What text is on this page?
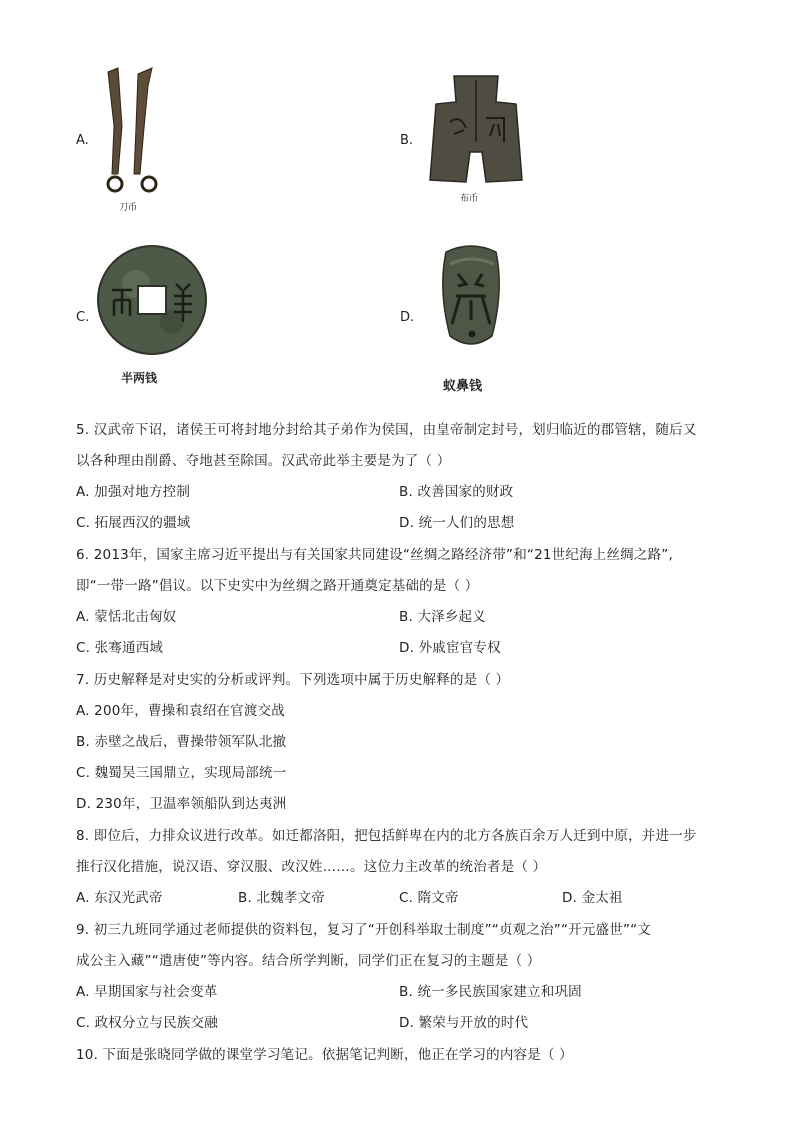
A.
刀币
B.
布币
C.
半两钱
D.
蚁鼻钱
5. 汉武帝下诏，诸侯王可将封地分封给其子弟作为侯国，由皇帝制定封号，划归临近的郡管辖，随后又
以各种理由削爵、夺地甚至除国。汉武帝此举主要是为了（ ）
A. 加强对地方控制	B. 改善国家的财政
C. 拓展西汉的疆域	D. 统一人们的思想
6. 2013年，国家主席习近平提出与有关国家共同建设“丝绸之路经济带”和“21世纪海上丝绸之路”,
即“一带一路”倡议。以下史实中为丝绸之路开通奠定基础的是（ ）
A. 蒙恬北击匈奴	B. 大泽乡起义
C. 张骞通西域	D. 外戚宦官专权
7. 历史解释是对史实的分析或评判。下列选项中属于历史解释的是（ ）
A. 200年，曹操和袁绍在官渡交战
B. 赤壁之战后，曹操带领军队北撤
C. 魏蜀吴三国鼎立，实现局部统一
D. 230年，卫温率领船队到达夷洲
8. 即位后，力排众议进行改革。如迁都洛阳，把包括鲜卑在内的北方各族百余万人迁到中原，并进一步
推行汉化措施，说汉语、穿汉服、改汉姓……。这位力主改革的统治者是（ ）
A. 东汉光武帝	B. 北魏孝文帝	C. 隋文帝	D. 金太祖
9. 初三九班同学通过老师提供的资料包，复习了“开创科举取士制度”“贞观之治”“开元盛世”“文
成公主入藏”“遣唐使”等内容。结合所学判断，同学们正在复习的主题是（ ）
A. 早期国家与社会变革	B. 统一多民族国家建立和巩固
C. 政权分立与民族交融	D. 繁荣与开放的时代
10. 下面是张晓同学做的课堂学习笔记。依据笔记判断，他正在学习的内容是（ ）
